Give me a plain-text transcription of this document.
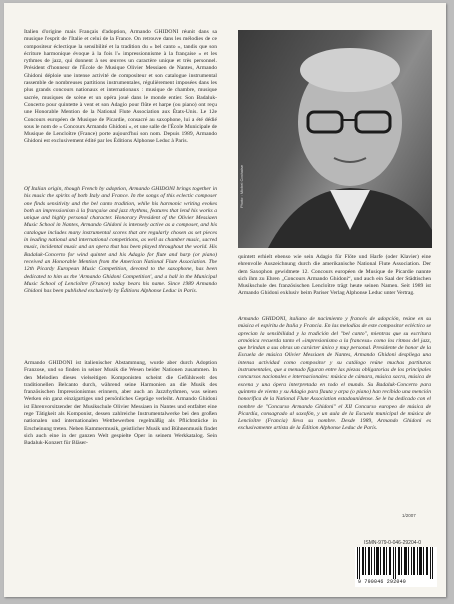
Italien d'origine mais Français d'adoption, Armando GHIDONI réunit dans sa musique l'esprit de l'Italie et celui de la France. On retrouve dans les mélodies de ce compositeur éclectique la sensibilité et la tradition du « bel canto », tandis que son écriture harmonique évoque à la fois l'« impressionnisme à la française » et les rythmes de jazz, qui donnent à ses œuvres un caractère unique et très personnel. Président d'honneur de l'École de Musique Olivier Messiaen de Nantes, Armando Ghidoni déploie une intense activité de compositeur et son catalogue instrumental rassemble de nombreuses partitions instrumentales, régulièrement imposées dans les plus grands concours nationaux et internationaux : musique de chambre, musique sacrée, musiques de scène et un opéra joué dans le monde entier. Son Badaluk-Concerto pour quintette à vent et son Adagio pour flûte et harpe (ou piano) ont reçu une Honorable Mention de la National Flute Association aux États-Unis. Le 12e Concours européen de Musique de Picardie, consacré au saxophone, lui a été dédié sous le nom de « Concours Armando Ghidoni », et une salle de l'École Municipale de Musique de Lencloître (France) porte aujourd'hui son nom. Depuis 1989, Armando Ghidoni est exclusivement édité par les Éditions Alphonse Leduc à Paris.

Of Italian origin, though French by adoption, Armando GHIDONI brings together in his music the spirits of both Italy and France. In the songs of this eclectic composer one finds sensitivity and the bel canto tradition, while his harmonic writing evokes both an impressionism à la française and jazz rhythms, features that lend his works a unique and highly personal character. Honorary President of the Olivier Messiaen Music School in Nantes, Armando Ghidoni is intensely active as a composer, and his catalogue includes many instrumental scores that are regularly chosen as set pieces in leading national and international competitions, as well as chamber music, sacred music, incidental music and an opera that has been played throughout the world. His Badaluk-Concerto for wind quintet and his Adagio for flute and harp (or piano) received an Honorable Mention from the American National Flute Association. The 12th Picardy European Music Competition, devoted to the saxophone, has been dedicated to him as the 'Armando Ghidoni Competition', and a hall in the Municipal Music School of Lencloître (France) today bears his name. Since 1989 Armando Ghidoni has been published exclusively by Éditions Alphonse Leduc in Paris.

Armando GHIDONI ist italienischer Abstammung, wurde aber durch Adoption Franzose, und so finden in seiner Musik die Wesen beider Nationen zusammen. In den Melodien dieses vielseitigen Komponisten scheint die Gefühlswelt des traditionellen Belcanto durch, während seine Harmonien an die Musik des französischen Impressionismus erinnern, aber auch an Jazzrhythmen, was seinen Werken ein ganz einzigartiges und persönliches Gepräge verleiht. Armando Ghidoni ist Ehrenvorsitzender der Musikschule Olivier Messiaen in Nantes und entfaltet eine rege Tätigkeit als Komponist, dessen zahlreiche Instrumentalwerke bei den großen nationalen und internationalen Wettbewerben regelmäßig als Pflichtstücke in Erscheinung treten. Neben Kammermusik, geistlicher Musik und Bühnenmusik findet sich auch eine in der ganzen Welt gespielte Oper in seinem Werkkatalog. Sein Badaluk-Konzert für Bläser-

Photo : Michel Cochaise

quintett erhielt ebenso wie sein Adagio für Flöte und Harfe (oder Klavier) eine ehrenvolle Auszeichnung durch die amerikanische National Flute Association. Der dem Saxophon gewidmete 12. Concours européen de Musique de Picardie nannte sich ihm zu Ehren „Concours Armando Ghidoni“, und auch ein Saal der Städtischen Musikschule des französischen Lencloître trägt heute seinen Namen. Seit 1989 ist Armando Ghidoni exklusiv beim Pariser Verlag Alphonse Leduc unter Vertrag.

Armando GHIDONI, italiano de nacimiento y francés de adopción, reúne en su música el espíritu de Italia y Francia. En las melodías de este compositor ecléctico se aprecian la sensibilidad y la tradición del "bel canto", mientras que su escritura armónica recuerda tanto el «impresionismo a la francesa» como los ritmos del jazz, que brindan a sus obras un carácter único y muy personal. Presidente de honor de la Escuela de música Olivier Messiaen de Nantes, Armando Ghidoni despliega una intensa actividad como compositor y su catálogo reúne muchas partituras instrumentales, que a menudo figuran entre las piezas obligatorias de los principales concursos nacionales e internacionales: música de cámara, música sacra, música de escena y una ópera interpretada en todo el mundo. Su Badaluk-Concerto para quinteto de viento y su Adagio para flauta y arpa (o piano) han recibido una mención honorífica de la National Flute Association estadounidense. Se le ha dedicado con el nombre de "Concurso Armando Ghidoni" el XII Concurso europeo de música de Picardía, consagrado al saxofón, y un aula de la Escuela municipal de música de Lencloître (Francia) lleva su nombre. Desde 1989, Armando Ghidoni es exclusivamente artista de la Édition Alphonse Leduc de París.

1/2007
ISMN-979-0-046-29204-0
9 790046 292040
